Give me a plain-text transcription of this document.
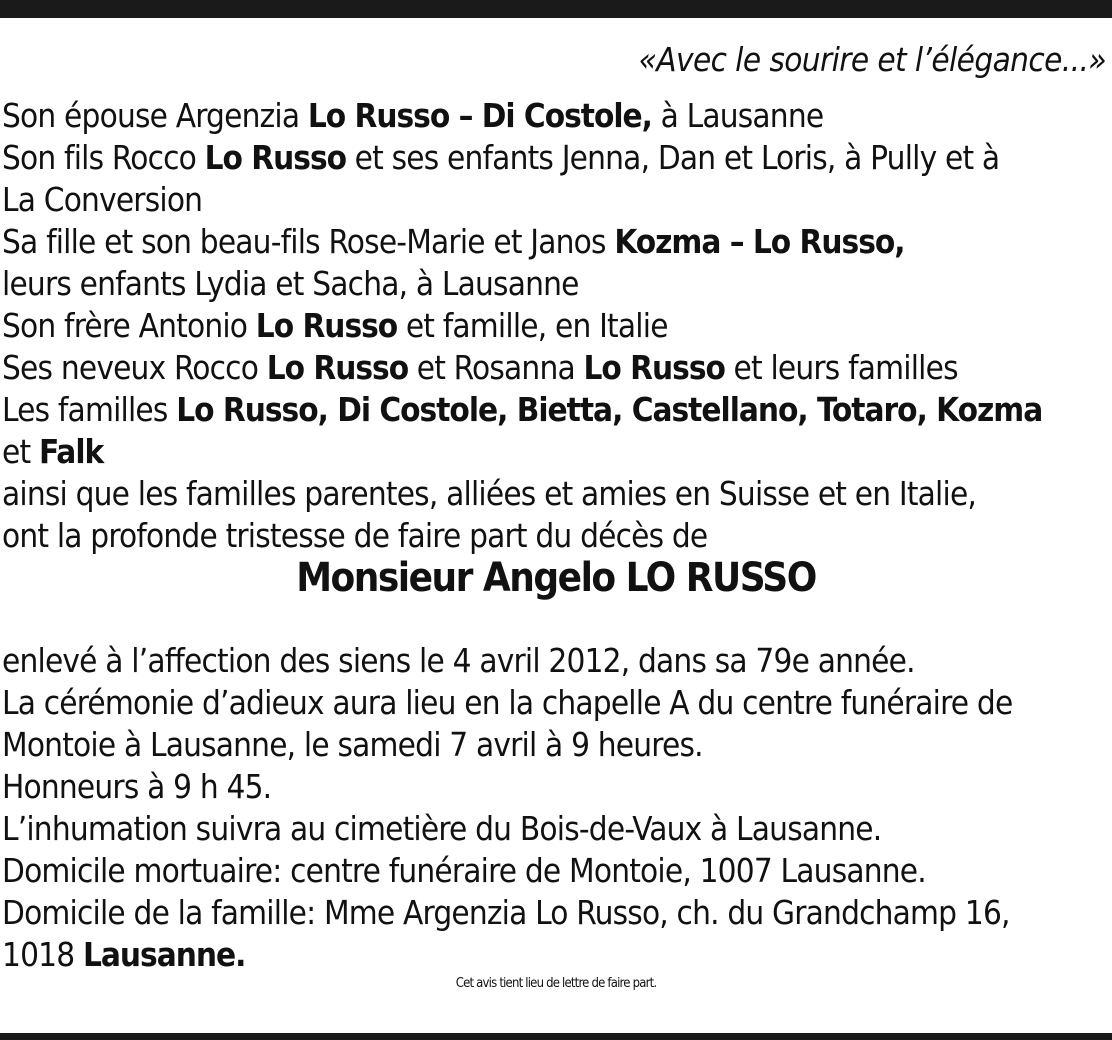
«Avec le sourire et l’élégance...»
Son épouse Argenzia Lo Russo – Di Costole, à Lausanne
Son fils Rocco Lo Russo et ses enfants Jenna, Dan et Loris, à Pully et à
La Conversion
Sa fille et son beau-fils Rose-Marie et Janos Kozma – Lo Russo,
leurs enfants Lydia et Sacha, à Lausanne
Son frère Antonio Lo Russo et famille, en Italie
Ses neveux Rocco Lo Russo et Rosanna Lo Russo et leurs familles
Les familles Lo Russo, Di Costole, Bietta, Castellano, Totaro, Kozma
et Falk
ainsi que les familles parentes, alliées et amies en Suisse et en Italie,
ont la profonde tristesse de faire part du décès de
Monsieur Angelo LO RUSSO
enlevé à l’affection des siens le 4 avril 2012, dans sa 79e année.
La cérémonie d’adieux aura lieu en la chapelle A du centre funéraire de
Montoie à Lausanne, le samedi 7 avril à 9 heures.
Honneurs à 9 h 45.
L’inhumation suivra au cimetière du Bois-de-Vaux à Lausanne.
Domicile mortuaire: centre funéraire de Montoie, 1007 Lausanne.
Domicile de la famille: Mme Argenzia Lo Russo, ch. du Grandchamp 16,
1018 Lausanne.
Cet avis tient lieu de lettre de faire part.
